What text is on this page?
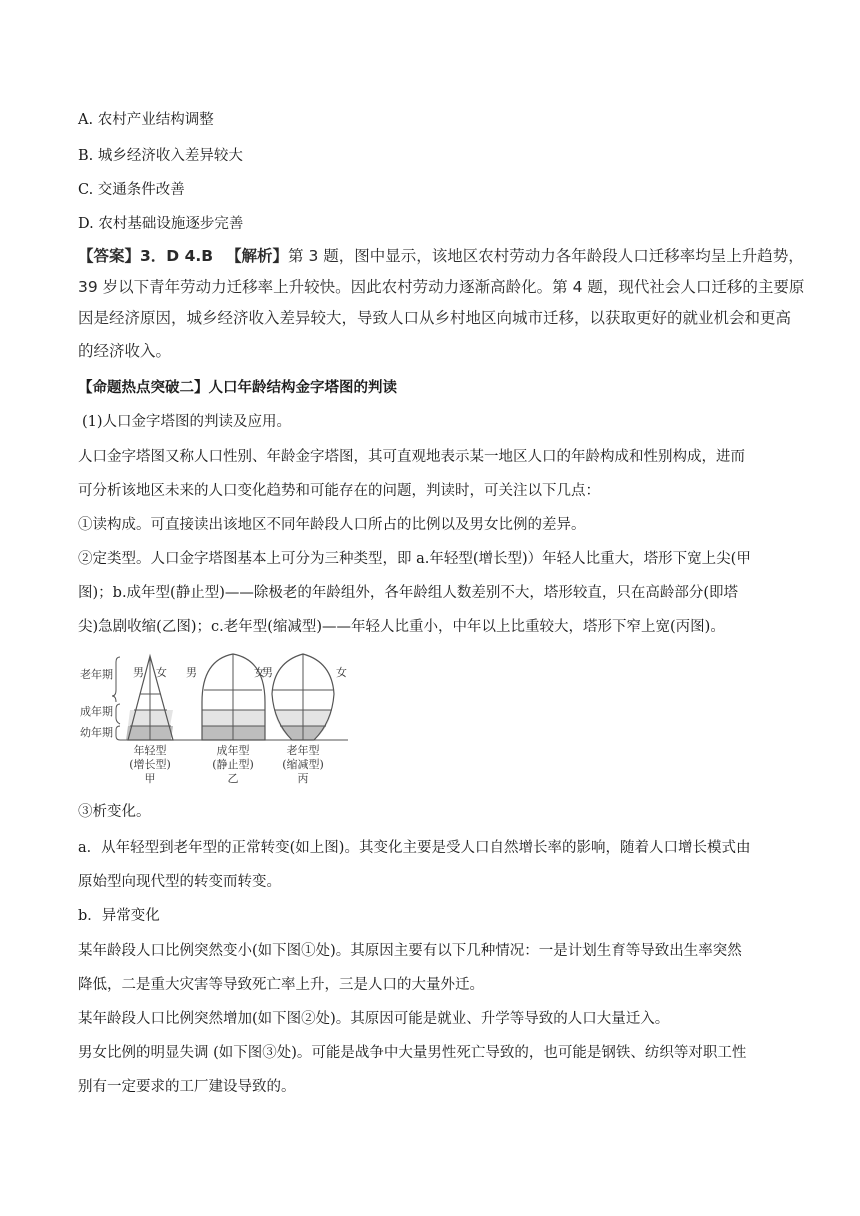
A. 农村产业结构调整
B. 城乡经济收入差异较大
C. 交通条件改善
D. 农村基础设施逐步完善
【答案】3．D 4.B 【解析】第 3 题，图中显示，该地区农村劳动力各年龄段人口迁移率均呈上升趋势，
39 岁以下青年劳动力迁移率上升较快。因此农村劳动力逐渐高龄化。第 4 题，现代社会人口迁移的主要原
因是经济原因，城乡经济收入差异较大，导致人口从乡村地区向城市迁移，以获取更好的就业机会和更高
的经济收入。
【命题热点突破二】人口年龄结构金字塔图的判读
(1)人口金字塔图的判读及应用。
人口金字塔图又称人口性别、年龄金字塔图，其可直观地表示某一地区人口的年龄构成和性别构成，进而
可分析该地区未来的人口变化趋势和可能存在的问题，判读时，可关注以下几点：
①读构成。可直接读出该地区不同年龄段人口所占的比例以及男女比例的差异。
②定类型。人口金字塔图基本上可分为三种类型，即 a.年轻型(增长型)）年轻人比重大，塔形下宽上尖(甲
图)；b.成年型(静止型)——除极老的年龄组外，各年龄组人数差别不大，塔形较直，只在高龄部分(即塔
尖)急剧收缩(乙图)；c.老年型(缩减型)——年轻人比重小，中年以上比重较大，塔形下窄上宽(丙图)。
老年期
成年期
幼年期
男 女 男	女
男	女
年轻型
(增长型)
甲
成年型
(静止型)
乙
老年型
(缩减型)
丙
③析变化。
a．从年轻型到老年型的正常转变(如上图)。其变化主要是受人口自然增长率的影响，随着人口增长模式由
原始型向现代型的转变而转变。
b．异常变化
某年龄段人口比例突然变小(如下图①处)。其原因主要有以下几种情况：一是计划生育等导致出生率突然
降低，二是重大灾害等导致死亡率上升，三是人口的大量外迁。
某年龄段人口比例突然增加(如下图②处)。其原因可能是就业、升学等导致的人口大量迁入。
男女比例的明显失调 (如下图③处)。可能是战争中大量男性死亡导致的，也可能是钢铁、纺织等对职工性
别有一定要求的工厂建设导致的。
